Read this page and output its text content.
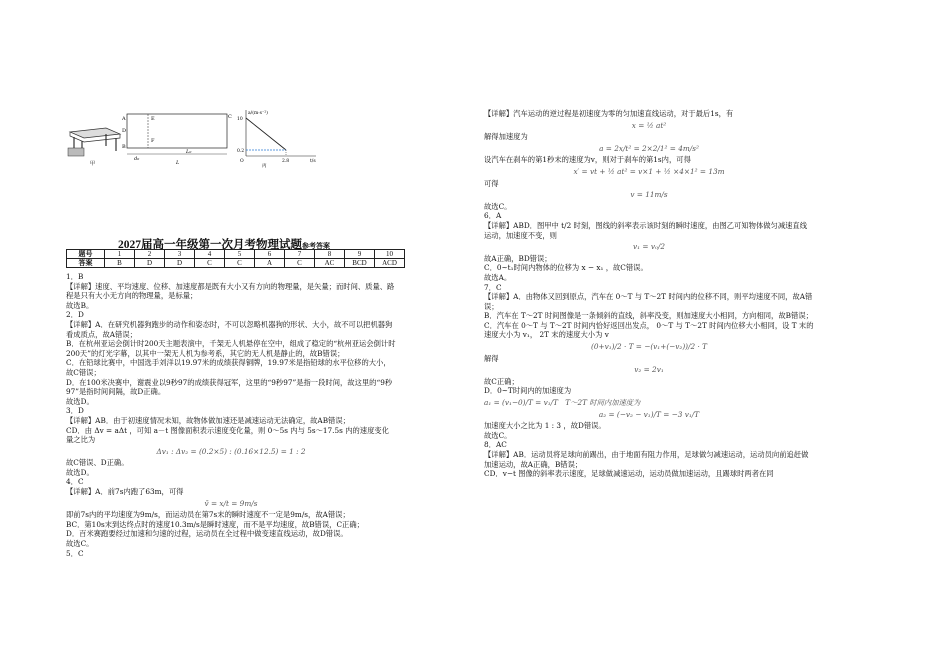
甲
A
D
B
C
E
F
d₀
L₀
L
a/(m·s⁻²)
t/s
10
0.2
2.8
O
丙
2027届高一年级第一次月考物理试题参考答案
题号	1	2	3	4	5	6	7	8	9	10
答案	B	D	D	C	C	A	C	AC	BCD	ACD

1．B

【详解】速度、平均速度、位移、加速度都是既有大小又有方向的物理量，是矢量；而时间、质量、路程是只有大小无方向的物理量，是标量；

故选B。

2．D

【详解】A．在研究机器狗跑步的动作和姿态时，不可以忽略机器狗的形状、大小，故不可以把机器狗看成质点，故A错误；

B．在杭州亚运会倒计时200天主题表演中，千架无人机悬停在空中，组成了稳定的“杭州亚运会倒计时200天”的灯光字幕，以其中一架无人机为参考系，其它的无人机是静止的，故B错误；

C．在铅球比赛中，中国选手刘洋以19.97米的成绩获得铜牌，19.97米是指铅球的水平位移的大小，故C错误；

D．在100米决赛中，谢震业以9秒97的成绩获得冠军，这里的“9秒97”是指一段时间，故这里的“9秒97”是指时间间隔，故D正确。

故选D。

3．D

【详解】AB．由于初速度情况未知，故物体做加速还是减速运动无法确定，故AB错误；

CD．由 Δv = aΔt ，可知 a－t 图像面积表示速度变化量，则 0～5s 内与 5s～17.5s 内的速度变化量之比为

Δv₁ : Δv₂ = (0.2×5) : (0.16×12.5) = 1 : 2

故C错误、D正确。

故选D。

4．C

【详解】A．前7s内跑了63m，可得

v̄ = x/t = 9m/s

即前7s内的平均速度为9m/s，而运动员在第7s末的瞬时速度不一定是9m/s，故A错误；

BC．第10s末到达终点时的速度10.3m/s是瞬时速度，而不是平均速度，故B错误，C正确；

D．百米赛跑要经过加速和匀速的过程，运动员在全过程中做变速直线运动，故D错误。

故选C。

5．C

【详解】汽车运动的逆过程是初速度为零的匀加速直线运动，对于最后1s，有

x = ½ at²

解得加速度为

a = 2x/t² = 2×2/1² = 4m/s²

设汽车在刹车的第1秒末的速度为v，则对于刹车的第1s内，可得

x′ = vt + ½ at² = v×1 + ½ ×4×1² = 13m

可得

v = 11m/s

故选C。

6．A

【详解】ABD．图甲中 t/2 时刻，图线的斜率表示该时刻的瞬时速度，由图乙可知物体做匀减速直线运动，加速度不变，则

v₁ = v₀/2

故A正确，BD错误；

C．0~t₁时间内物体的位移为 x − x₁ ，故C错误。

故选A。

7．C

【详解】A．由物体又回到原点，汽车在 0～T 与 T～2T 时间内的位移不同，则平均速度不同，故A错误；

B．汽车在 T～2T 时间图像是一条倾斜的直线，斜率没变，则加速度大小相同，方向相同，故B错误；

C．汽车在 0～T 与 T～2T 时间内恰好返回出发点， 0～T 与 T～2T 时间内位移大小相同，设 T 末的速度大小为 v₁， 2T 末的速度大小为 v

(0+v₁)/2 · T = −(v₁+(−v₂))/2 · T

解得

v₂ = 2v₁

故C正确；

D．0~T时间内的加速度为

a₁ = (v₁−0)/T = v₁/T　 T～2T 时间内加速度为
a₂ = (−v₂ − v₁)/T = −3 v₁/T

加速度大小之比为 1 : 3 ，故D错误。

故选C。

8．AC

【详解】AB．运动员将足球向前踢出，由于地面有阻力作用，足球做匀减速运动，运动员向前追赶做加速运动，故A正确，B错误；

CD．v−t 图像的斜率表示速度，足球做减速运动，运动员做加速运动，且踢球时两者在同
